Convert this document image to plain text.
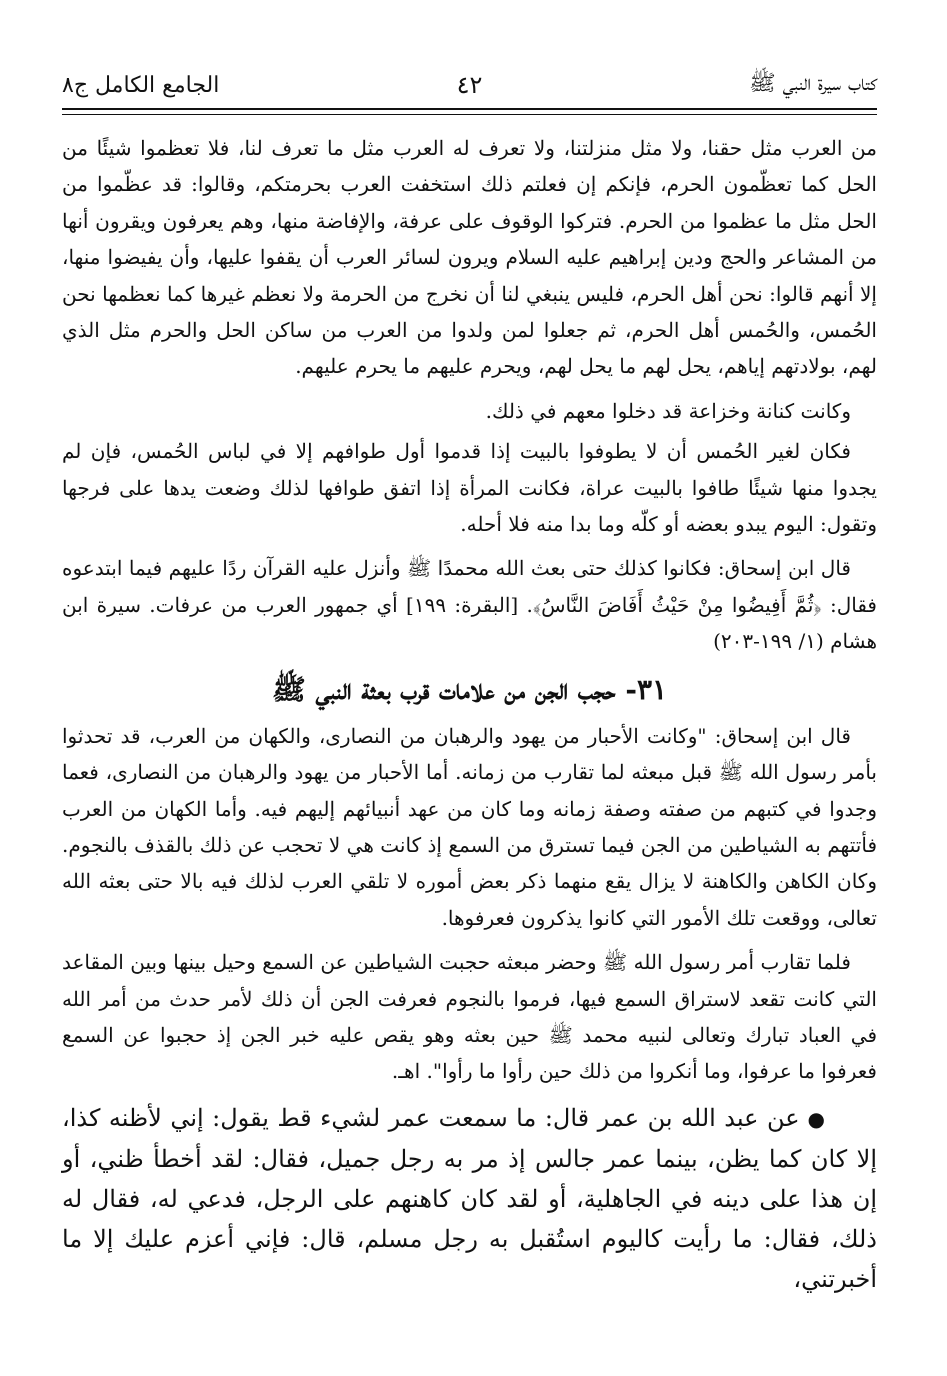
كتاب سيرة النبي ﷺ
٤٢
الجامع الكامل ج٨

من العرب مثل حقنا، ولا مثل منزلتنا، ولا تعرف له العرب مثل ما تعرف لنا، فلا تعظموا شيئًا من الحل كما تعظّمون الحرم، فإنكم إن فعلتم ذلك استخفت العرب بحرمتكم، وقالوا: قد عظّموا من الحل مثل ما عظموا من الحرم. فتركوا الوقوف على عرفة، والإفاضة منها، وهم يعرفون ويقرون أنها من المشاعر والحج ودين إبراهيم عليه السلام ويرون لسائر العرب أن يقفوا عليها، وأن يفيضوا منها، إلا أنهم قالوا: نحن أهل الحرم، فليس ينبغي لنا أن نخرج من الحرمة ولا نعظم غيرها كما نعظمها نحن الحُمس، والحُمس أهل الحرم، ثم جعلوا لمن ولدوا من العرب من ساكن الحل والحرم مثل الذي لهم، بولادتهم إياهم، يحل لهم ما يحل لهم، ويحرم عليهم ما يحرم عليهم.

وكانت كنانة وخزاعة قد دخلوا معهم في ذلك.

فكان لغير الحُمس أن لا يطوفوا بالبيت إذا قدموا أول طوافهم إلا في لباس الحُمس، فإن لم يجدوا منها شيئًا طافوا بالبيت عراة، فكانت المرأة إذا اتفق طوافها لذلك وضعت يدها على فرجها وتقول: اليوم يبدو بعضه أو كلّه وما بدا منه فلا أحله.

قال ابن إسحاق: فكانوا كذلك حتى بعث الله محمدًا ﷺ وأنزل عليه القرآن ردًا عليهم فيما ابتدعوه فقال: ﴿ثُمَّ أَفِيضُوا مِنْ حَيْثُ أَفَاضَ النَّاسُ﴾. [البقرة: ١٩٩] أي جمهور العرب من عرفات. سيرة ابن هشام (١/ ١٩٩-٢٠٣)

٣١- حجب الجن من علامات قرب بعثة النبي ﷺ

قال ابن إسحاق: "وكانت الأحبار من يهود والرهبان من النصارى، والكهان من العرب، قد تحدثوا بأمر رسول الله ﷺ قبل مبعثه لما تقارب من زمانه. أما الأحبار من يهود والرهبان من النصارى، فعما وجدوا في كتبهم من صفته وصفة زمانه وما كان من عهد أنبيائهم إليهم فيه. وأما الكهان من العرب فأتتهم به الشياطين من الجن فيما تسترق من السمع إذ كانت هي لا تحجب عن ذلك بالقذف بالنجوم. وكان الكاهن والكاهنة لا يزال يقع منهما ذكر بعض أموره لا تلقي العرب لذلك فيه بالا حتى بعثه الله تعالى، ووقعت تلك الأمور التي كانوا يذكرون فعرفوها.

فلما تقارب أمر رسول الله ﷺ وحضر مبعثه حجبت الشياطين عن السمع وحيل بينها وبين المقاعد التي كانت تقعد لاستراق السمع فيها، فرموا بالنجوم فعرفت الجن أن ذلك لأمر حدث من أمر الله في العباد تبارك وتعالى لنبيه محمد ﷺ حين بعثه وهو يقص عليه خبر الجن إذ حجبوا عن السمع فعرفوا ما عرفوا، وما أنكروا من ذلك حين رأوا ما رأوا". اهـ.

●عن عبد الله بن عمر قال: ما سمعت عمر لشيء قط يقول: إني لأظنه كذا، إلا كان كما يظن، بينما عمر جالس إذ مر به رجل جميل، فقال: لقد أخطأ ظني، أو إن هذا على دينه في الجاهلية، أو لقد كان كاهنهم على الرجل، فدعي له، فقال له ذلك، فقال: ما رأيت كاليوم استُقبل به رجل مسلم، قال: فإني أعزم عليك إلا ما أخبرتني،
